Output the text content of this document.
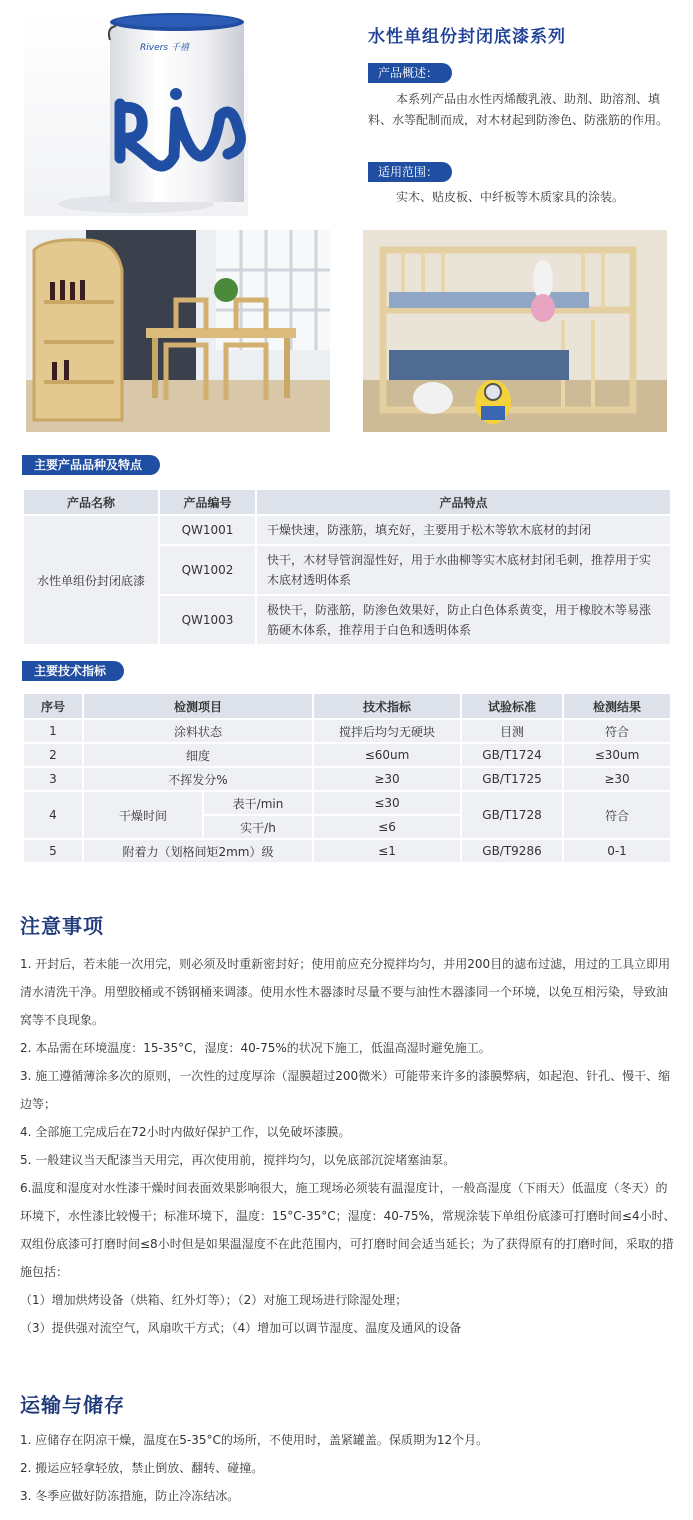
Rivers 千禧
水性单组份封闭底漆系列
产品概述：
本系列产品由水性丙烯酸乳液、助剂、助溶剂、填料、水等配制而成，对木材起到防渗色、防涨筋的作用。
适用范围：
实木、贴皮板、中纤板等木质家具的涂装。
主要产品品种及特点
产品名称	产品编号	产品特点
水性单组份封闭底漆	QW1001	干燥快速，防涨筋，填充好，主要用于松木等软木底材的封闭
	QW1002	快干，木材导管润湿性好，用于水曲柳等实木底材封闭毛刺，推荐用于实木底材透明体系
	QW1003	极快干，防涨筋，防渗色效果好，防止白色体系黄变，用于橡胶木等易涨筋硬木体系，推荐用于白色和透明体系
主要技术指标
序号	检测项目		技术指标	试验标准	检测结果
1	涂料状态		搅拌后均匀无硬块	目测	符合
2	细度		≤60um	GB/T1724	≤30um
3	不挥发分%		≥30	GB/T1725	≥30
4	干燥时间	表干/min	≤30	GB/T1728	符合
		实干/h	≤6		
5	附着力（划格间矩2mm）级		≤1	GB/T9286	0-1
注意事项

1. 开封后，若未能一次用完，则必须及时重新密封好；使用前应充分搅拌均匀，并用200目的滤布过滤，用过的工具立即用清水清洗干净。用塑胶桶或不锈钢桶来调漆。使用水性木器漆时尽量不要与油性木器漆同一个环境，以免互相污染，导致油窝等不良现象。

2. 本品需在环境温度：15-35°C，湿度：40-75%的状况下施工，低温高湿时避免施工。

3. 施工遵循薄涂多次的原则，一次性的过度厚涂（湿膜超过200微米）可能带来许多的漆膜弊病，如起泡、针孔、慢干、缩边等；

4. 全部施工完成后在72小时内做好保护工作，以免破坏漆膜。

5. 一般建议当天配漆当天用完，再次使用前，搅拌均匀，以免底部沉淀堵塞油泵。

6.温度和湿度对水性漆干燥时间表面效果影响很大，施工现场必须装有温湿度计，一般高湿度（下雨天）低温度（冬天）的环境下，水性漆比较慢干；标准环境下，温度：15°C-35°C；湿度：40-75%，常规涂装下单组份底漆可打磨时间≤4小时、双组份底漆可打磨时间≤8小时但是如果温湿度不在此范围内，可打磨时间会适当延长；为了获得原有的打磨时间，采取的措施包括：

（1）增加烘烤设备（烘箱、红外灯等）；（2）对施工现场进行除湿处理；

（3）提供强对流空气，风扇吹干方式；（4）增加可以调节湿度、温度及通风的设备

运输与储存

1. 应储存在阴凉干燥，温度在5-35°C的场所，不使用时，盖紧罐盖。保质期为12个月。

2. 搬运应轻拿轻放，禁止倒放、翻转、碰撞。

3. 冬季应做好防冻措施，防止冷冻结冰。
